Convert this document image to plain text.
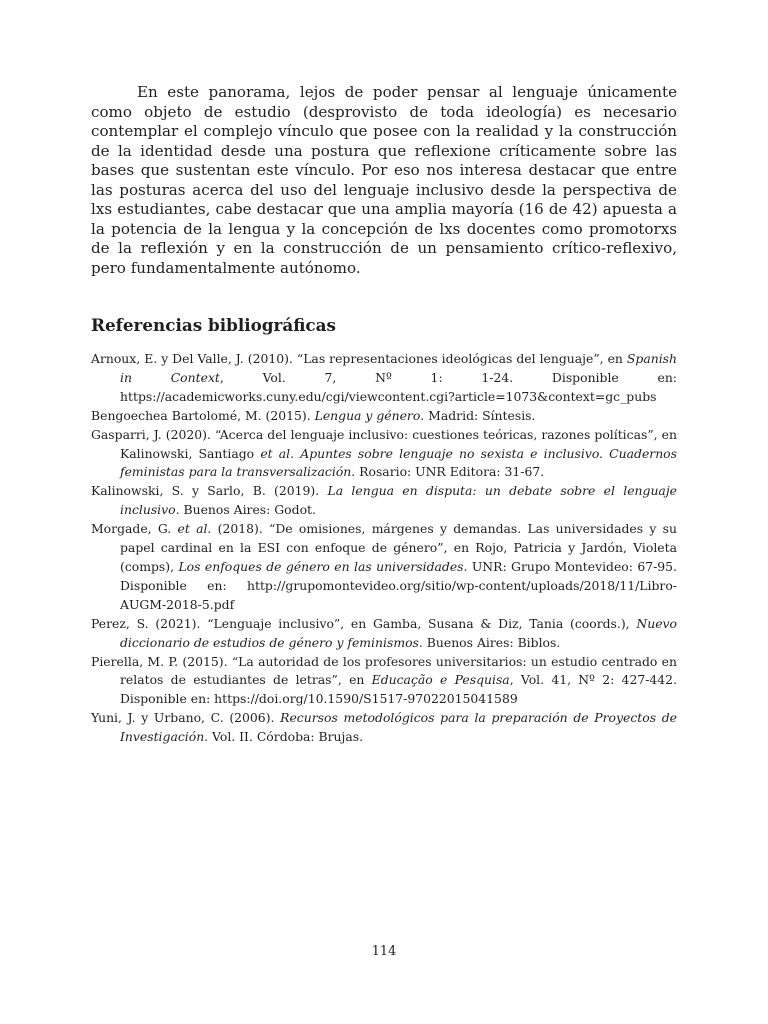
En este panorama, lejos de poder pensar al lenguaje únicamente como objeto de estudio (desprovisto de toda ideología) es necesario contemplar el complejo vínculo que posee con la realidad y la construcción de la identidad desde una postura que reflexione críticamente sobre las bases que sustentan este vínculo. Por eso nos interesa destacar que entre las posturas acerca del uso del lenguaje inclusivo desde la perspectiva de lxs estudiantes, cabe destacar que una amplia mayoría (16 de 42) apuesta a la potencia de la lengua y la concepción de lxs docentes como promotorxs de la reflexión y en la construcción de un pensamiento crítico-reflexivo, pero fundamentalmente autónomo.

Referencias bibliográficas
Arnoux, E. y Del Valle, J. (2010). “Las representaciones ideológicas del lenguaje”, en Spanish in Context, Vol. 7, Nº 1: 1-24. Disponible en: https://academicworks.cuny.edu/cgi/viewcontent.cgi?article=1073&context=gc_pubs
Bengoechea Bartolomé, M. (2015). Lengua y género. Madrid: Síntesis.
Gasparri, J. (2020). “Acerca del lenguaje inclusivo: cuestiones teóricas, razones políticas”, en Kalinowski, Santiago et al. Apuntes sobre lenguaje no sexista e inclusivo. Cuadernos feministas para la transversalización. Rosario: UNR Editora: 31-67.
Kalinowski, S. y Sarlo, B. (2019). La lengua en disputa: un debate sobre el lenguaje inclusivo. Buenos Aires: Godot.
Morgade, G. et al. (2018). “De omisiones, márgenes y demandas. Las universidades y su papel cardinal en la ESI con enfoque de género”, en Rojo, Patricia y Jardón, Violeta (comps), Los enfoques de género en las universidades. UNR: Grupo Montevideo: 67-95. Disponible en: http://grupomontevideo.org/sitio/wp-content/uploads/2018/11/Libro-AUGM-2018-5.pdf
Perez, S. (2021). “Lenguaje inclusivo”, en Gamba, Susana & Diz, Tania (coords.), Nuevo diccionario de estudios de género y feminismos. Buenos Aires: Biblos.
Pierella, M. P. (2015). “La autoridad de los profesores universitarios: un estudio centrado en relatos de estudiantes de letras”, en Educação e Pesquisa, Vol. 41, Nº 2: 427-442. Disponible en: https://doi.org/10.1590/S1517-97022015041589
Yuni, J. y Urbano, C. (2006). Recursos metodológicos para la preparación de Proyectos de Investigación. Vol. II. Córdoba: Brujas.
114
